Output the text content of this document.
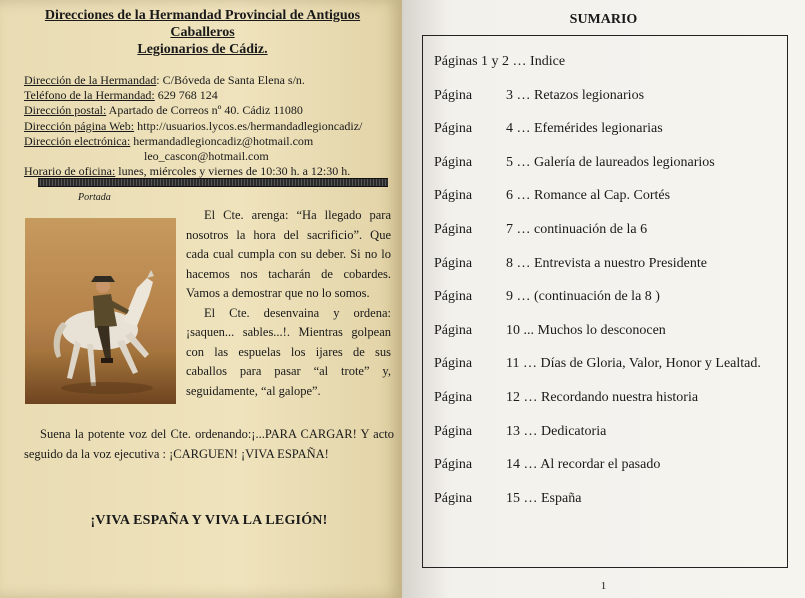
Direcciones de la Hermandad Provincial de Antiguos
Caballeros
Legionarios de Cádiz.
Dirección de la Hermandad: C/Bóveda de Santa Elena s/n.
Teléfono de la Hermandad: 629 768 124
Dirección postal: Apartado de Correos nº 40. Cádiz 11080
Dirección página Web: http://usuarios.lycos.es/hermandadlegioncadiz/
Dirección electrónica: hermandadlegioncadiz@hotmail.com
leo_cascon@hotmail.com
Horario de oficina: lunes, miércoles y viernes de 10:30 h. a 12:30 h.
Portada

El Cte. arenga: “Ha llegado para nosotros la hora del sacrificio”. Que cada cual cumpla con su deber. Si no lo hacemos nos tacharán de cobardes. Vamos a demostrar que no lo somos.

El Cte. desenvaina y ordena: ¡saquen... sables...!. Mientras golpean con las espuelas los ijares de sus caballos para pasar “al trote” y, seguidamente, “al galope”.

Suena la potente voz del Cte. ordenando:¡...PARA CARGAR! Y acto seguido da la voz ejecutiva : ¡CARGUEN! ¡VIVA ESPAÑA!
¡VIVA ESPAÑA Y VIVA LA LEGIÓN!
SUMARIO
Páginas 1 y 2 … Indice
Página 3 … Retazos legionarios
Página 4 … Efemérides legionarias
Página 5 … Galería de laureados legionarios
Página 6 … Romance al Cap. Cortés
Página 7 … continuación de la 6
Página 8 … Entrevista a nuestro Presidente
Página 9 … (continuación de la 8 )
Página 10 ... Muchos lo desconocen
Página 11 … Días de Gloria, Valor, Honor y Lealtad.
Página 12 … Recordando nuestra historia
Página 13 … Dedicatoria
Página 14 … Al recordar el pasado
Página 15 … España
1
